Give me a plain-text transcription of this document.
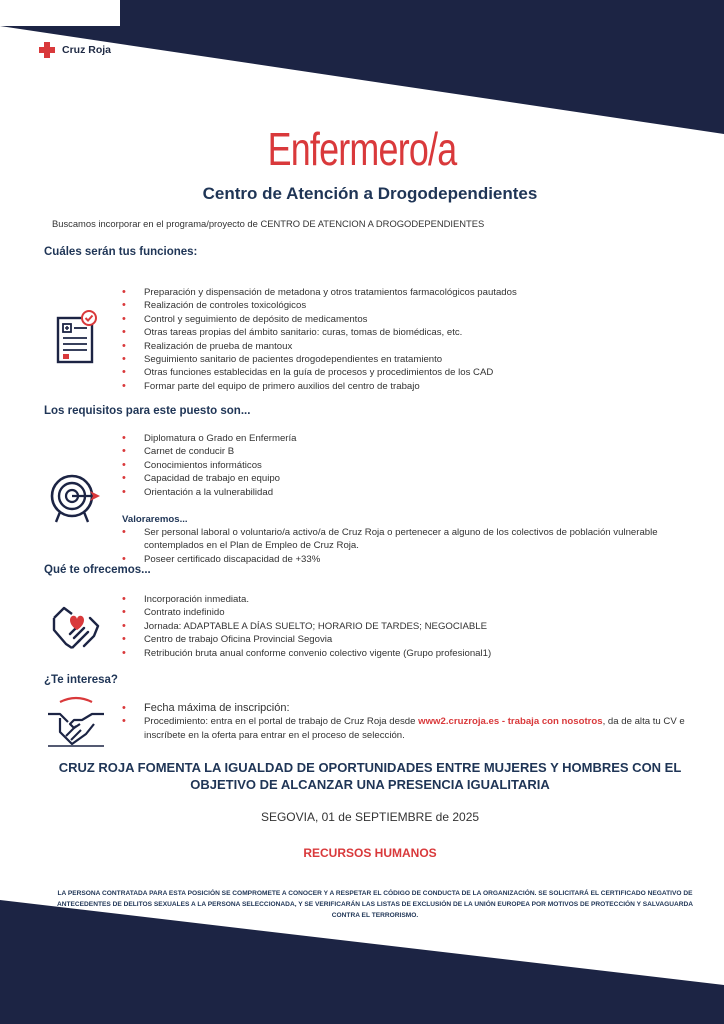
Cruz Roja
Enfermero/a
Centro de Atención a Drogodependientes
Buscamos incorporar en el programa/proyecto de CENTRO DE ATENCION A DROGODEPENDIENTES
Cuáles serán tus funciones:
• Preparación y dispensación de metadona y otros tratamientos farmacológicos pautados
• Realización de controles toxicológicos
• Control y seguimiento de depósito de medicamentos
• Otras tareas propias del ámbito sanitario: curas, tomas de biomédicas, etc.
• Realización de prueba de mantoux
• Seguimiento sanitario de pacientes drogodependientes en tratamiento
• Otras funciones establecidas en la guía de procesos y procedimientos de los CAD
• Formar parte del equipo de primero auxilios del centro de trabajo
Los requisitos para este puesto son...
• Diplomatura o Grado en Enfermería
• Carnet de conducir B
• Conocimientos informáticos
• Capacidad de trabajo en equipo
• Orientación a la vulnerabilidad
Valoraremos...
• Ser personal laboral o voluntario/a activo/a de Cruz Roja o pertenecer a alguno de los colectivos de población vulnerable contemplados en el Plan de Empleo de Cruz Roja.
• Poseer certificado discapacidad de +33%
Qué te ofrecemos...
• Incorporación inmediata.
• Contrato indefinido
• Jornada: ADAPTABLE A DÍAS SUELTO; HORARIO DE TARDES; NEGOCIABLE
• Centro de trabajo Oficina Provincial Segovia
• Retribución bruta anual conforme convenio colectivo vigente (Grupo profesional1)
¿Te interesa?
• Fecha máxima de inscripción:
• Procedimiento: entra en el portal de trabajo de Cruz Roja desde www2.cruzroja.es - trabaja con nosotros, da de alta tu CV e inscríbete en la oferta para entrar en el proceso de selección.
CRUZ ROJA FOMENTA LA IGUALDAD DE OPORTUNIDADES ENTRE MUJERES Y HOMBRES CON EL OBJETIVO DE ALCANZAR UNA PRESENCIA IGUALITARIA
SEGOVIA, 01 de SEPTIEMBRE de 2025
RECURSOS HUMANOS
LA PERSONA CONTRATADA PARA ESTA POSICIÓN SE COMPROMETE A CONOCER Y A RESPETAR EL CÓDIGO DE CONDUCTA DE LA ORGANIZACIÓN. SE SOLICITARÁ EL CERTIFICADO NEGATIVO DE ANTECEDENTES DE DELITOS SEXUALES A LA PERSONA SELECCIONADA, Y SE VERIFICARÁN LAS LISTAS DE EXCLUSIÓN DE LA UNIÓN EUROPEA POR MOTIVOS DE PROTECCIÓN Y SALVAGUARDA CONTRA EL TERRORISMO.
